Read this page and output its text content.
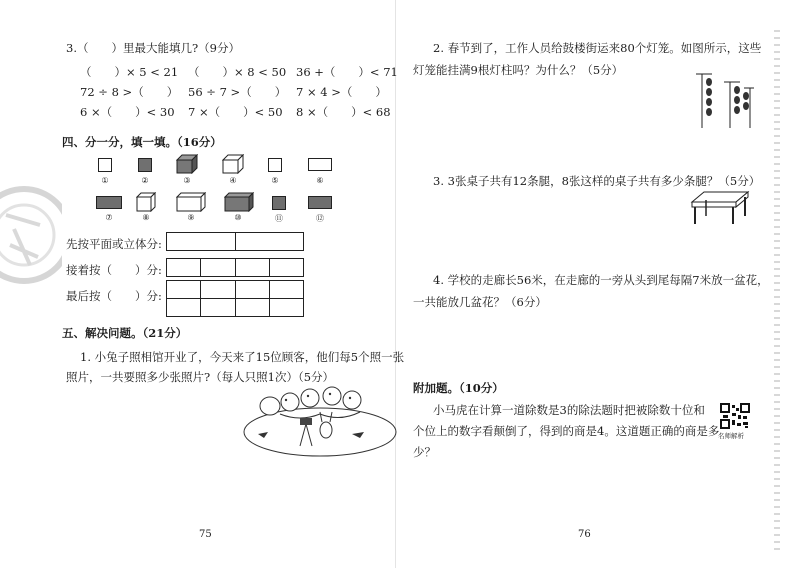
3.（　　）里最大能填几?（9分）
（　　）× 5 < 21 （　　）× 8 < 50 36 +（　　）< 71
72 ÷ 8 >（　　） 56 ÷ 7 >（　　） 7 × 4 >（　　）
6 ×（　　）< 30 7 ×（　　）< 50 8 ×（　　）< 68
四、分一分，填一填。（16分）
①	②	③	④	⑤	⑥
⑦	⑧	⑨	⑩	⑪	⑫
先按平面或立体分:

接着按（　　）分:

最后按（　　）分:

五、解决问题。（21分）
1. 小兔子照相馆开业了，今天来了15位顾客，他们每5个照一张
照片，一共要照多少张照片?（每人只照1次）（5分）
75
2. 春节到了，工作人员给鼓楼街运来80个灯笼。如图所示，这些
灯笼能挂满9根灯柱吗？为什么？（5分）
3. 3张桌子共有12条腿，8张这样的桌子共有多少条腿？（5分）
4. 学校的走廊长56米，在走廊的一旁从头到尾每隔7米放一盆花，
一共能放几盆花？（6分）
附加题。（10分）
小马虎在计算一道除数是3的除法题时把被除数十位和
个位上的数字看颠倒了，得到的商是4。这道题正确的商是多
少？
名师解析
76
